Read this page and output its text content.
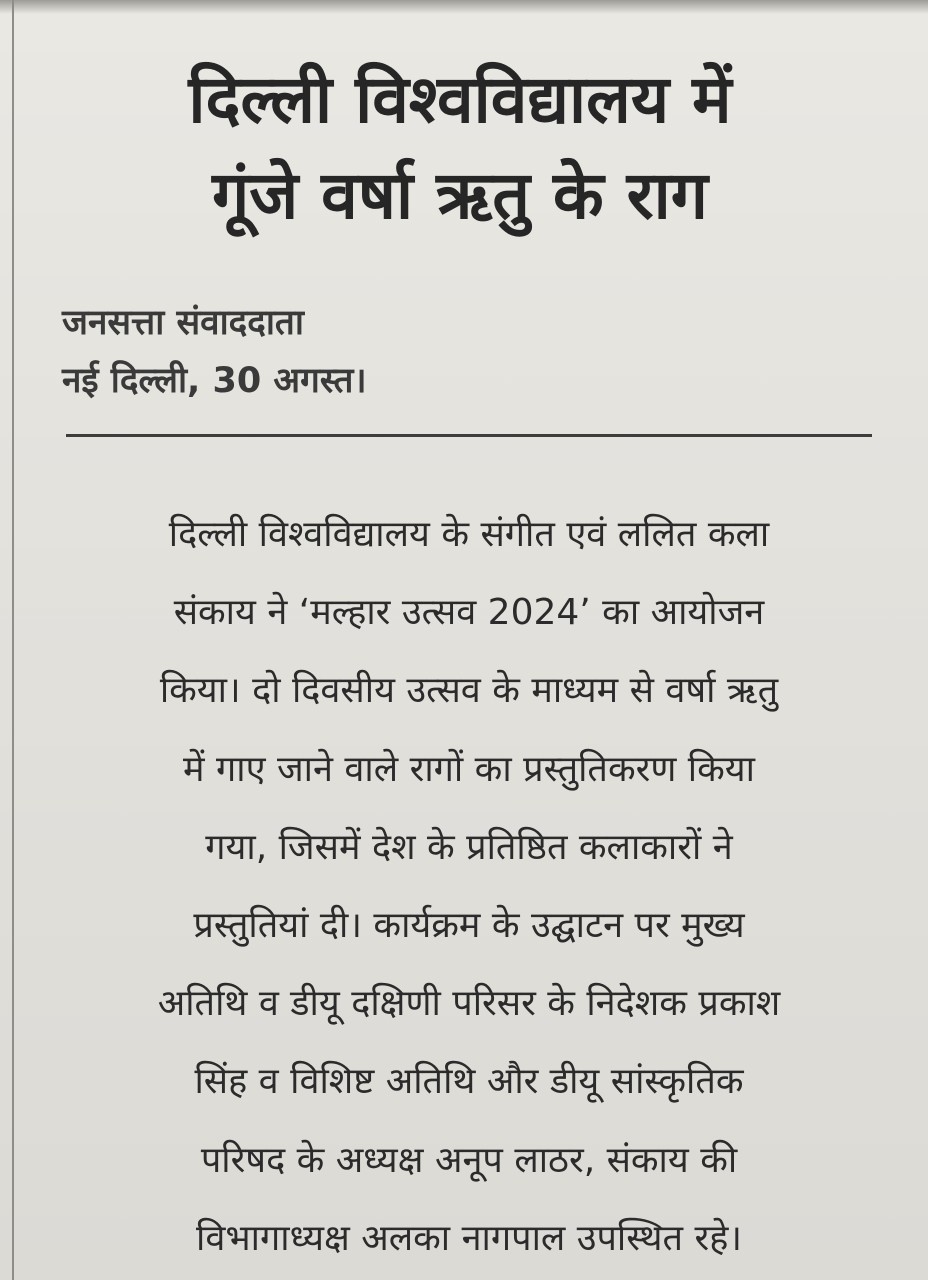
दिल्ली विश्वविद्यालय में
गूंजे वर्षा ऋतु के राग
जनसत्ता संवाददाता
नई दिल्ली, 30 अगस्त।
दिल्ली विश्वविद्यालय के संगीत एवं ललित कला
संकाय ने ‘मल्हार उत्सव 2024’ का आयोजन
किया। दो दिवसीय उत्सव के माध्यम से वर्षा ऋतु
में गाए जाने वाले रागों का प्रस्तुतिकरण किया
गया, जिसमें देश के प्रतिष्ठित कलाकारों ने
प्रस्तुतियां दी। कार्यक्रम के उद्घाटन पर मुख्य
अतिथि व डीयू दक्षिणी परिसर के निदेशक प्रकाश
सिंह व विशिष्ट अतिथि और डीयू सांस्कृतिक
परिषद के अध्यक्ष अनूप लाठर, संकाय की
विभागाध्यक्ष अलका नागपाल उपस्थित रहे।
